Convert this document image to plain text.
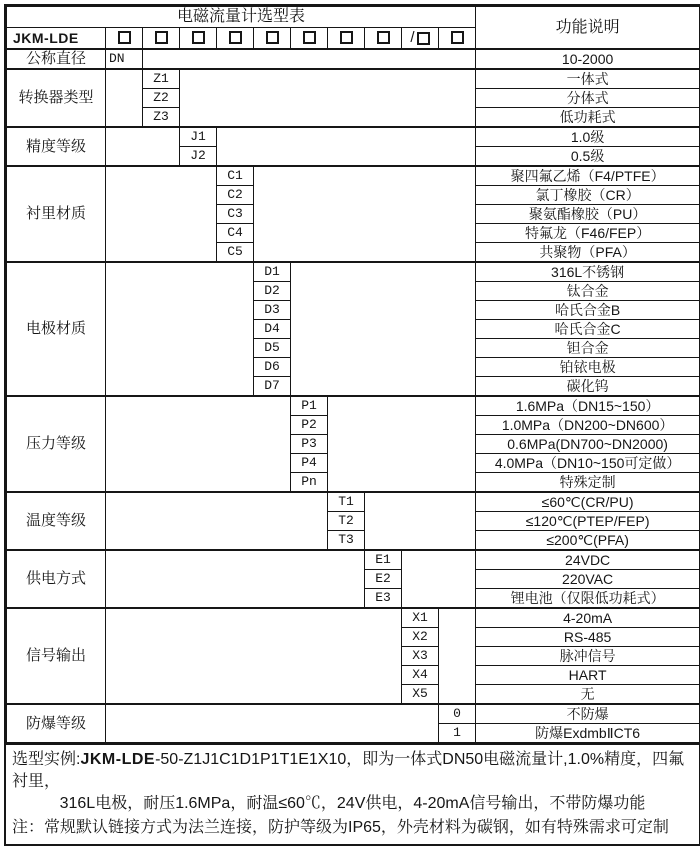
电磁流量计选型表											功能说明
JKM-LDE									/		
公称直径	DN										10-2000
转换器类型		Z1									一体式
		Z2									分体式
		Z3									低功耗式
精度等级			J1								1.0级
			J2								0.5级
衬里材质				C1							聚四氟乙烯（F4/PTFE）
				C2							氯丁橡胶（CR）
				C3							聚氨酯橡胶（PU）
				C4							特氟龙（F46/FEP）
				C5							共聚物（PFA）
电极材质					D1						316L不锈钢
					D2						钛合金
					D3						哈氏合金B
					D4						哈氏合金C
					D5						钽合金
					D6						铂铱电极
					D7						碳化钨
压力等级						P1					1.6MPa（DN15~150）
						P2					1.0MPa（DN200~DN600）
						P3					0.6MPa(DN700~DN2000)
						P4					4.0MPa（DN10~150可定做）
						Pn					特殊定制
温度等级							T1				≤60℃(CR/PU)
							T2				≤120℃(PTEP/FEP)
							T3				≤200℃(PFA)
供电方式								E1			24VDC
								E2			220VAC
								E3			锂电池（仅限低功耗式）
信号输出									X1		4-20mA
									X2		RS-485
									X3		脉冲信号
									X4		HART
									X5		无
防爆等级										0	不防爆
										1	防爆ExdmbⅡCT6
选型实例:JKM-LDE-50-Z1J1C1D1P1T1E1X10，即为一体式DN50电磁流量计,1.0%精度，四氟衬里，
316L电极，耐压1.6MPa，耐温≤60℃，24V供电，4-20mA信号输出，不带防爆功能
注：常规默认链接方式为法兰连接，防护等级为IP65，外壳材料为碳钢，如有特殊需求可定制
